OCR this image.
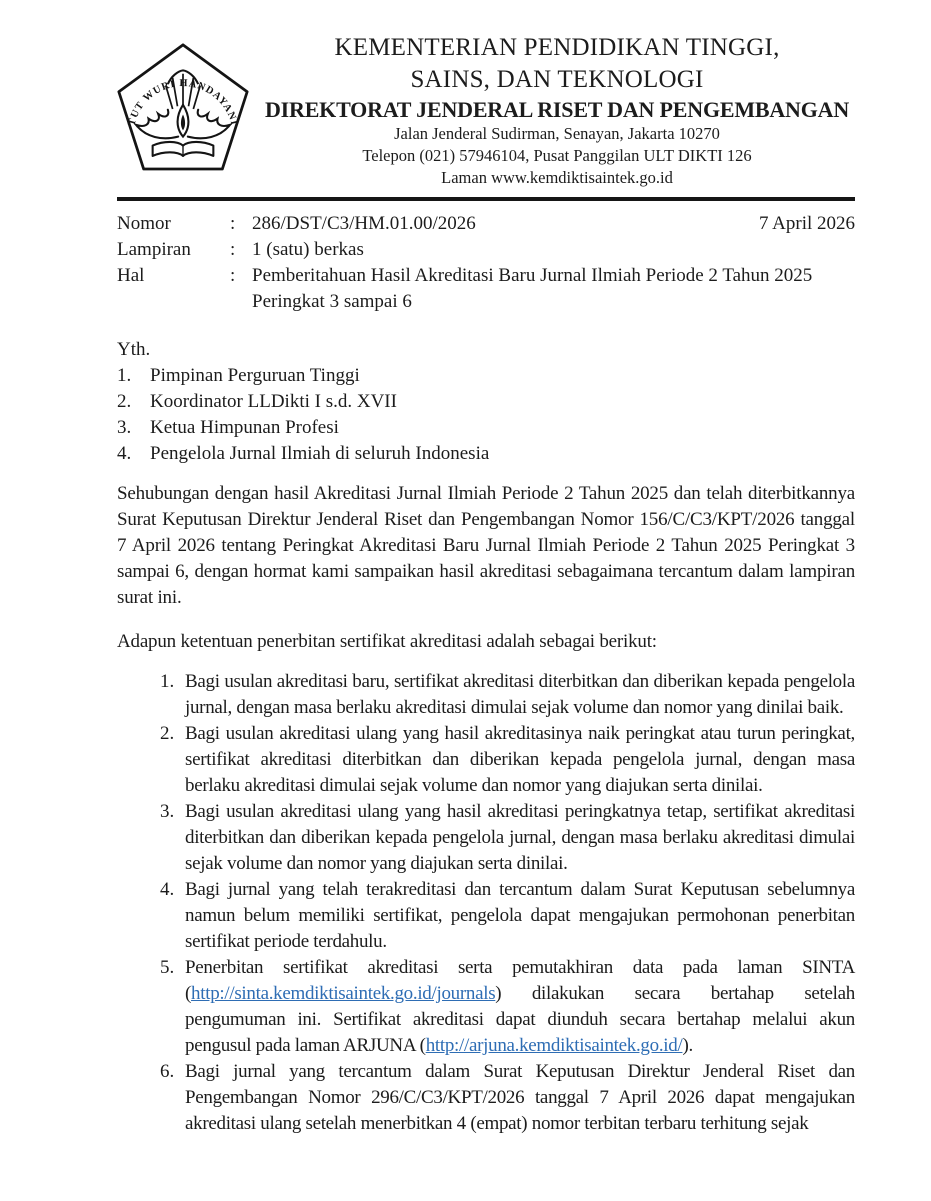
TUT WURI HANDAYANI
KEMENTERIAN PENDIDIKAN TINGGI,
SAINS, DAN TEKNOLOGI
DIREKTORAT JENDERAL RISET DAN PENGEMBANGAN
Jalan Jenderal Sudirman, Senayan, Jakarta 10270
Telepon (021) 57946104, Pusat Panggilan ULT DIKTI 126
Laman www.kemdiktisaintek.go.id
Nomor	: 286/DST/C3/HM.01.00/2026	7 April 2026
Lampiran	: 1 (satu) berkas
Hal	: Pemberitahuan Hasil Akreditasi Baru Jurnal Ilmiah Periode 2 Tahun 2025
Peringkat 3 sampai 6
Yth.
1. Pimpinan Perguruan Tinggi
2. Koordinator LLDikti I s.d. XVII
3. Ketua Himpunan Profesi
4. Pengelola Jurnal Ilmiah di seluruh Indonesia

Sehubungan dengan hasil Akreditasi Jurnal Ilmiah Periode 2 Tahun 2025 dan telah diterbitkannya Surat Keputusan Direktur Jenderal Riset dan Pengembangan Nomor 156/C/C3/KPT/2026 tanggal 7 April 2026 tentang Peringkat Akreditasi Baru Jurnal Ilmiah Periode 2 Tahun 2025 Peringkat 3 sampai 6, dengan hormat kami sampaikan hasil akreditasi sebagaimana tercantum dalam lampiran surat ini.

Adapun ketentuan penerbitan sertifikat akreditasi adalah sebagai berikut:

1. Bagi usulan akreditasi baru, sertifikat akreditasi diterbitkan dan diberikan kepada pengelola jurnal, dengan masa berlaku akreditasi dimulai sejak volume dan nomor yang dinilai baik.
2. Bagi usulan akreditasi ulang yang hasil akreditasinya naik peringkat atau turun peringkat, sertifikat akreditasi diterbitkan dan diberikan kepada pengelola jurnal, dengan masa berlaku akreditasi dimulai sejak volume dan nomor yang diajukan serta dinilai.
3. Bagi usulan akreditasi ulang yang hasil akreditasi peringkatnya tetap, sertifikat akreditasi diterbitkan dan diberikan kepada pengelola jurnal, dengan masa berlaku akreditasi dimulai sejak volume dan nomor yang diajukan serta dinilai.
4. Bagi jurnal yang telah terakreditasi dan tercantum dalam Surat Keputusan sebelumnya namun belum memiliki sertifikat, pengelola dapat mengajukan permohonan penerbitan sertifikat periode terdahulu.
5. Penerbitan sertifikat akreditasi serta pemutakhiran data pada laman SINTA (http://sinta.kemdiktisaintek.go.id/journals) dilakukan secara bertahap setelah pengumuman ini. Sertifikat akreditasi dapat diunduh secara bertahap melalui akun pengusul pada laman ARJUNA (http://arjuna.kemdiktisaintek.go.id/).
6. Bagi jurnal yang tercantum dalam Surat Keputusan Direktur Jenderal Riset dan Pengembangan Nomor 296/C/C3/KPT/2026 tanggal 7 April 2026 dapat mengajukan akreditasi ulang setelah menerbitkan 4 (empat) nomor terbitan terbaru terhitung sejak
